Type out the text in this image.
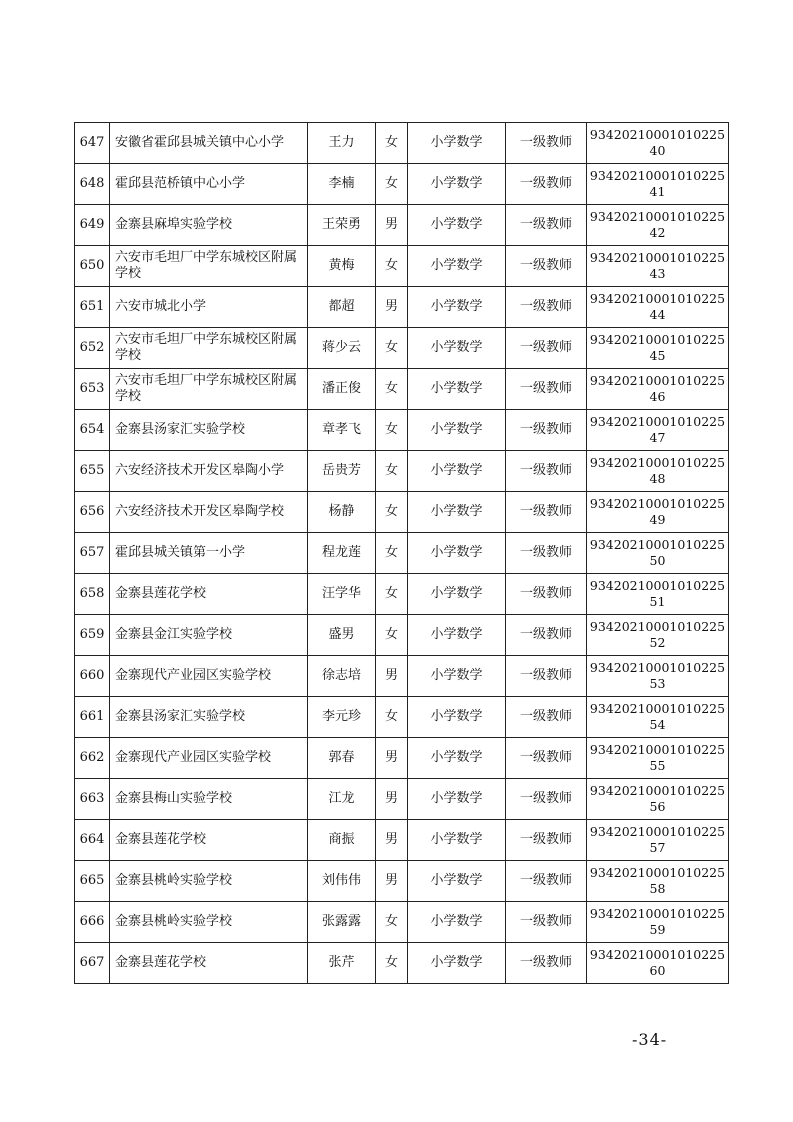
647	安徽省霍邱县城关镇中心小学	王力	女	小学数学	一级教师	93420210001010225 40
648	霍邱县范桥镇中心小学	李楠	女	小学数学	一级教师	93420210001010225 41
649	金寨县麻埠实验学校	王荣勇	男	小学数学	一级教师	93420210001010225 42
650	六安市毛坦厂中学东城校区附属学校	黄梅	女	小学数学	一级教师	93420210001010225 43
651	六安市城北小学	都超	男	小学数学	一级教师	93420210001010225 44
652	六安市毛坦厂中学东城校区附属学校	蒋少云	女	小学数学	一级教师	93420210001010225 45
653	六安市毛坦厂中学东城校区附属学校	潘正俊	女	小学数学	一级教师	93420210001010225 46
654	金寨县汤家汇实验学校	章孝飞	女	小学数学	一级教师	93420210001010225 47
655	六安经济技术开发区皋陶小学	岳贵芳	女	小学数学	一级教师	93420210001010225 48
656	六安经济技术开发区皋陶学校	杨静	女	小学数学	一级教师	93420210001010225 49
657	霍邱县城关镇第一小学	程龙莲	女	小学数学	一级教师	93420210001010225 50
658	金寨县莲花学校	汪学华	女	小学数学	一级教师	93420210001010225 51
659	金寨县金江实验学校	盛男	女	小学数学	一级教师	93420210001010225 52
660	金寨现代产业园区实验学校	徐志培	男	小学数学	一级教师	93420210001010225 53
661	金寨县汤家汇实验学校	李元珍	女	小学数学	一级教师	93420210001010225 54
662	金寨现代产业园区实验学校	郭春	男	小学数学	一级教师	93420210001010225 55
663	金寨县梅山实验学校	江龙	男	小学数学	一级教师	93420210001010225 56
664	金寨县莲花学校	商振	男	小学数学	一级教师	93420210001010225 57
665	金寨县桃岭实验学校	刘伟伟	男	小学数学	一级教师	93420210001010225 58
666	金寨县桃岭实验学校	张露露	女	小学数学	一级教师	93420210001010225 59
667	金寨县莲花学校	张芹	女	小学数学	一级教师	93420210001010225 60
-34-
